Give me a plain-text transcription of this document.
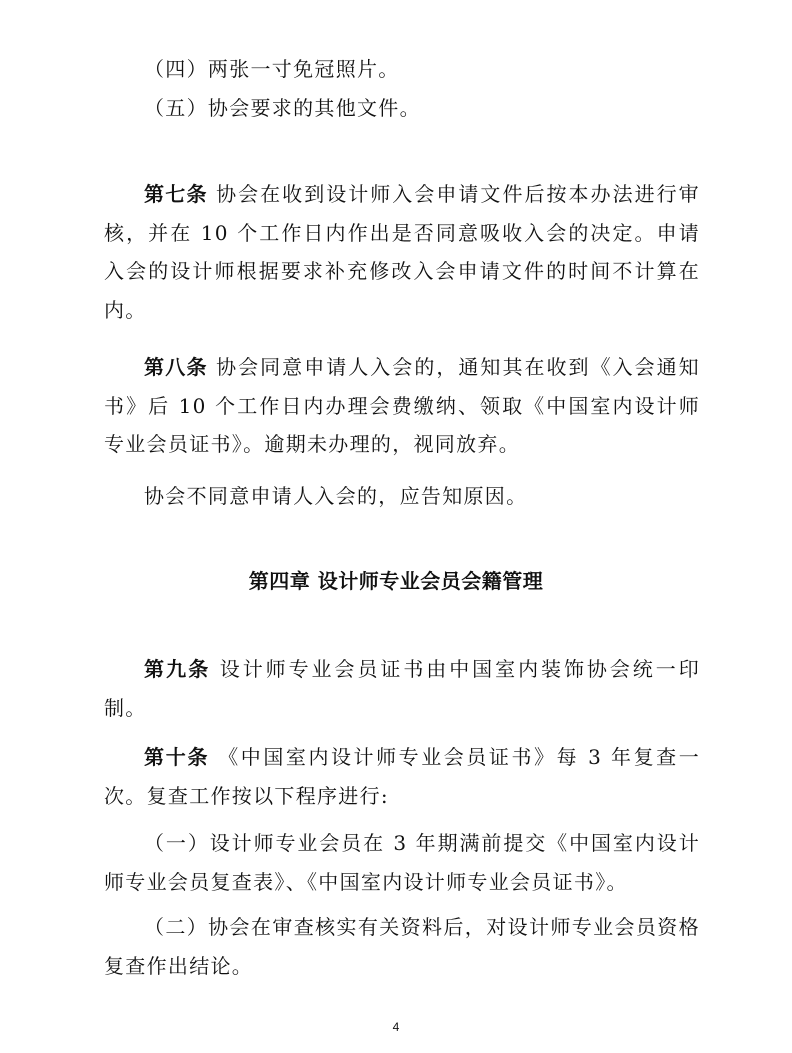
（四）两张一寸免冠照片。

（五）协会要求的其他文件。

第七条 协会在收到设计师入会申请文件后按本办法进行审核，并在 10 个工作日内作出是否同意吸收入会的决定。申请入会的设计师根据要求补充修改入会申请文件的时间不计算在内。

第八条 协会同意申请人入会的，通知其在收到《入会通知书》后 10 个工作日内办理会费缴纳、领取《中国室内设计师专业会员证书》。逾期未办理的，视同放弃。

协会不同意申请人入会的，应告知原因。

第四章 设计师专业会员会籍管理

第九条 设计师专业会员证书由中国室内装饰协会统一印制。

第十条 《中国室内设计师专业会员证书》每 3 年复查一次。复查工作按以下程序进行:

（一）设计师专业会员在 3 年期满前提交《中国室内设计师专业会员复查表》、《中国室内设计师专业会员证书》。

（二）协会在审查核实有关资料后，对设计师专业会员资格复查作出结论。

4
